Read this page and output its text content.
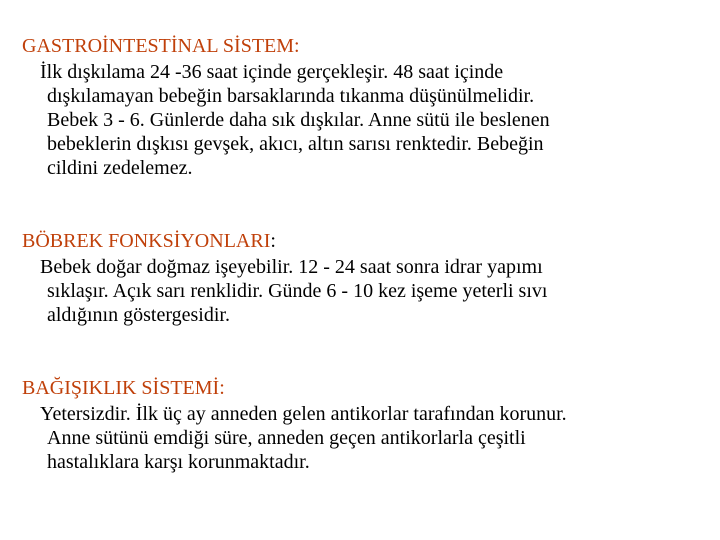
GASTROİNTESTİNAL SİSTEM:
İlk dışkılama 24 -36 saat içinde gerçekleşir. 48 saat içinde
dışkılamayan bebeğin barsaklarında tıkanma düşünülmelidir.
Bebek 3 - 6. Günlerde daha sık dışkılar. Anne sütü ile beslenen
bebeklerin dışkısı gevşek, akıcı, altın sarısı renktedir. Bebeğin
cildini zedelemez.
BÖBREK FONKSİYONLARI:
Bebek doğar doğmaz işeyebilir. 12 - 24 saat sonra idrar yapımı
sıklaşır. Açık sarı renklidir. Günde 6 - 10 kez işeme yeterli sıvı
aldığının göstergesidir.
BAĞIŞIKLIK SİSTEMİ:
Yetersizdir. İlk üç ay anneden gelen antikorlar tarafından korunur.
Anne sütünü emdiği süre, anneden geçen antikorlarla çeşitli
hastalıklara karşı korunmaktadır.
